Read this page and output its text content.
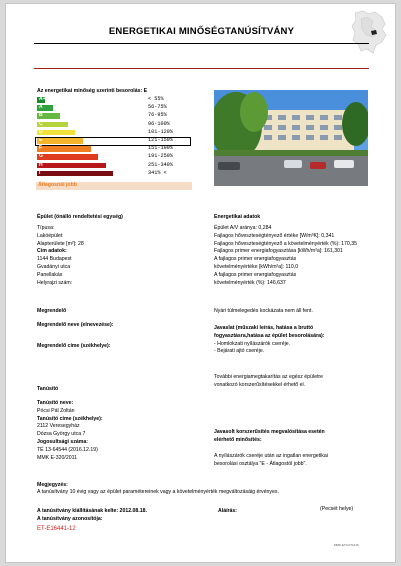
ENERGETIKAI MINŐSÉGTANÚSÍTVÁNY
Az energetikai minőség szerinti besorolás: E
A+	< 55%
A	56-75%
B	76-95%
C	96-100%
D	101-120%
E	121-150%
F	151-190%
G	191-250%
H	251-340%
I	341% <
Átlagosnál jobb
Épület (önálló rendeltetési egység)	Energetikai adatok
Típusa:
Lakóépület
Alapterülete [m²]: 28
Cím adatok:
1144 Budapest
Gvadányi utca
Panellakás
Helyrajzi szám:
Épület A/V aránya: 0,284
Fajlagos hőveszteségtényező értéke [W/m³K]: 0,341
Fajlagos hőveszteségtényező a követelményérték (%): 170,35
Fajlagos primer energiafogyasztása [kWh/m²a]: 161,301
A fajlagos primer energiafogyasztás
követelményértéke [kWh/m²a]: 110,0
A fajlagos primer energiafogyasztás
követelményérték (%): 146,637
Megrendelő	Nyári túlmelegedés kockázata nem áll fent.
Megrendelő neve (elnevezése):
Megrendelő címe (székhelye):
Javaslat (műszaki leírás, hatása a bruttó
fogyasztásra,hatása az épület besorolására):
- Homlokzati nyílászárók cseréje.
- Bejárati ajtó cseréje.
További energiamegtakarítás az egész épületre
vonatkozó korszerűsítésekkel érhető el.
Tanúsító
Tanúsító neve:
Pócsi Pál Zoltán
Tanúsító címe (székhelye):
2112 Veresegyház
Dózsa György utca 7
Jogosultsági száma:
TÉ 13-64544 (2016.12.19)
MMK E-320/2011
Javasolt korszerűsítés megvalósítása esetén
elérhető minősítés:
A nyílászárók cseréje után az ingatlan energetikai
besorolási osztálya "E - Átlagostól jobb".
Megjegyzés:
A tanúsítvány 10 évig vagy az épület paramétereinek vagy a követelményérték megváltozásáig érvényes.
A tanúsítvány kiállításának kelte: 2012.08.18.	Aláírás:	(Pecsét helye)
A tanúsítvány azonosítója:
ET-E16441-12
MMK-ETV-071216
